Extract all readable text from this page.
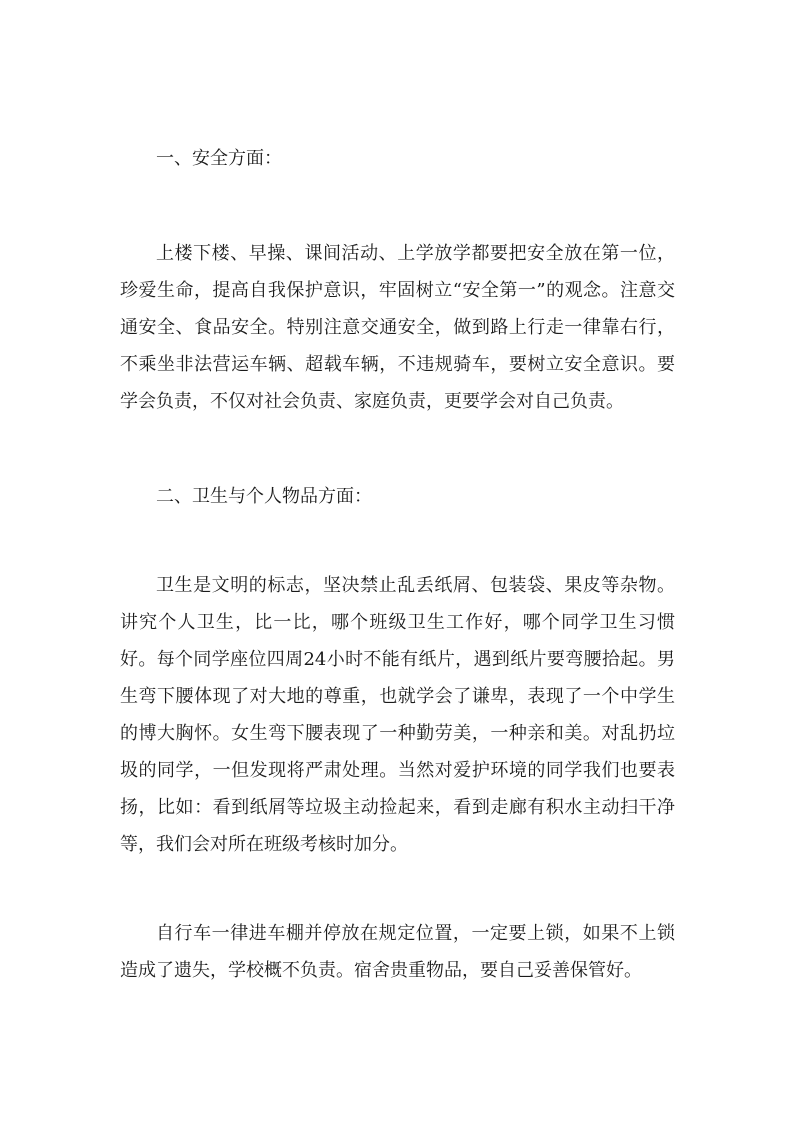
一、安全方面：

上楼下楼、早操、课间活动、上学放学都要把安全放在第一位，珍爱生命，提高自我保护意识，牢固树立“安全第一”的观念。注意交通安全、食品安全。特别注意交通安全，做到路上行走一律靠右行，不乘坐非法营运车辆、超载车辆，不违规骑车，要树立安全意识。要学会负责，不仅对社会负责、家庭负责，更要学会对自己负责。

二、卫生与个人物品方面：

卫生是文明的标志，坚决禁止乱丢纸屑、包装袋、果皮等杂物。讲究个人卫生，比一比，哪个班级卫生工作好，哪个同学卫生习惯好。每个同学座位四周24小时不能有纸片，遇到纸片要弯腰拾起。男生弯下腰体现了对大地的尊重，也就学会了谦卑，表现了一个中学生的博大胸怀。女生弯下腰表现了一种勤劳美，一种亲和美。对乱扔垃圾的同学，一但发现将严肃处理。当然对爱护环境的同学我们也要表扬，比如：看到纸屑等垃圾主动捡起来，看到走廊有积水主动扫干净等，我们会对所在班级考核时加分。

自行车一律进车棚并停放在规定位置，一定要上锁，如果不上锁造成了遗失，学校概不负责。宿舍贵重物品，要自己妥善保管好。
